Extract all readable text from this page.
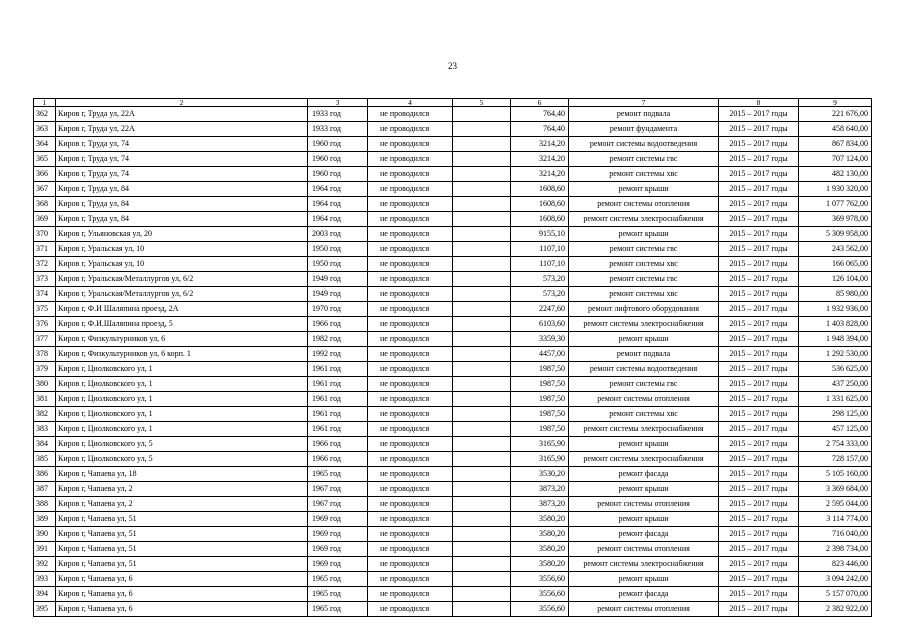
23
1	2	3	4	5	6	7	8	9
362	Киров г, Труда ул, 22А	1933 год	не проводился		764,40	ремонт подвала	2015 – 2017 годы	221 676,00
363	Киров г, Труда ул, 22А	1933 год	не проводился		764,40	ремонт фундамента	2015 – 2017 годы	458 640,00
364	Киров г, Труда ул, 74	1960 год	не проводился		3214,20	ремонт системы водоотведения	2015 – 2017 годы	867 834,00
365	Киров г, Труда ул, 74	1960 год	не проводился		3214,20	ремонт системы гвс	2015 – 2017 годы	707 124,00
366	Киров г, Труда ул, 74	1960 год	не проводился		3214,20	ремонт системы хвс	2015 – 2017 годы	482 130,00
367	Киров г, Труда ул, 84	1964 год	не проводился		1608,60	ремонт крыши	2015 – 2017 годы	1 930 320,00
368	Киров г, Труда ул, 84	1964 год	не проводился		1608,60	ремонт системы отопления	2015 – 2017 годы	1 077 762,00
369	Киров г, Труда ул, 84	1964 год	не проводился		1608,60	ремонт системы электроснабжения	2015 – 2017 годы	369 978,00
370	Киров г, Ульяновская ул, 20	2003 год	не проводился		9155,10	ремонт крыши	2015 – 2017 годы	5 309 958,00
371	Киров г, Уральская ул, 10	1950 год	не проводился		1107,10	ремонт системы гвс	2015 – 2017 годы	243 562,00
372	Киров г, Уральская ул, 10	1950 год	не проводился		1107,10	ремонт системы хвс	2015 – 2017 годы	166 065,00
373	Киров г, Уральская/Металлургов ул, 6/2	1949 год	не проводился		573,20	ремонт системы гвс	2015 – 2017 годы	126 104,00
374	Киров г, Уральская/Металлургов ул, 6/2	1949 год	не проводился		573,20	ремонт системы хвс	2015 – 2017 годы	85 980,00
375	Киров г, Ф.И Шаляпина проезд, 2А	1970 год	не проводился		2247,60	ремонт лифтового оборудования	2015 – 2017 годы	1 932 936,00
376	Киров г, Ф.И.Шаляпина проезд, 5	1966 год	не проводился		6103,60	ремонт системы электроснабжения	2015 – 2017 годы	1 403 828,00
377	Киров г, Физкультурников ул, 6	1982 год	не проводился		3359,30	ремонт крыши	2015 – 2017 годы	1 948 394,00
378	Киров г, Физкультурников ул, 6 корп. 1	1992 год	не проводился		4457,00	ремонт подвала	2015 – 2017 годы	1 292 530,00
379	Киров г, Циолковского ул, 1	1961 год	не проводился		1987,50	ремонт системы водоотведения	2015 – 2017 годы	536 625,00
380	Киров г, Циолковского ул, 1	1961 год	не проводился		1987,50	ремонт системы гвс	2015 – 2017 годы	437 250,00
381	Киров г, Циолковского ул, 1	1961 год	не проводился		1987,50	ремонт системы отопления	2015 – 2017 годы	1 331 625,00
382	Киров г, Циолковского ул, 1	1961 год	не проводился		1987,50	ремонт системы хвс	2015 – 2017 годы	298 125,00
383	Киров г, Циолковского ул, 1	1961 год	не проводился		1987,50	ремонт системы электроснабжения	2015 – 2017 годы	457 125,00
384	Киров г, Циолковского ул, 5	1966 год	не проводился		3165,90	ремонт крыши	2015 – 2017 годы	2 754 333,00
385	Киров г, Циолковского ул, 5	1966 год	не проводился		3165,90	ремонт системы электроснабжения	2015 – 2017 годы	728 157,00
386	Киров г, Чапаева ул, 18	1965 год	не проводился		3530,20	ремонт фасада	2015 – 2017 годы	5 105 160,00
387	Киров г, Чапаева ул, 2	1967 год	не проводился		3873,20	ремонт крыши	2015 – 2017 годы	3 369 684,00
388	Киров г, Чапаева ул, 2	1967 год	не проводился		3873,20	ремонт системы отопления	2015 – 2017 годы	2 595 044,00
389	Киров г, Чапаева ул, 51	1969 год	не проводился		3580,20	ремонт крыши	2015 – 2017 годы	3 114 774,00
390	Киров г, Чапаева ул, 51	1969 год	не проводился		3580,20	ремонт фасада	2015 – 2017 годы	716 040,00
391	Киров г, Чапаева ул, 51	1969 год	не проводился		3580,20	ремонт системы отопления	2015 – 2017 годы	2 398 734,00
392	Киров г, Чапаева ул, 51	1969 год	не проводился		3580,20	ремонт системы электроснабжения	2015 – 2017 годы	823 446,00
393	Киров г, Чапаева ул, 6	1965 год	не проводился		3556,60	ремонт крыши	2015 – 2017 годы	3 094 242,00
394	Киров г, Чапаева ул, 6	1965 год	не проводился		3556,60	ремонт фасада	2015 – 2017 годы	5 157 070,00
395	Киров г, Чапаева ул, 6	1965 год	не проводился		3556,60	ремонт системы отопления	2015 – 2017 годы	2 382 922,00
